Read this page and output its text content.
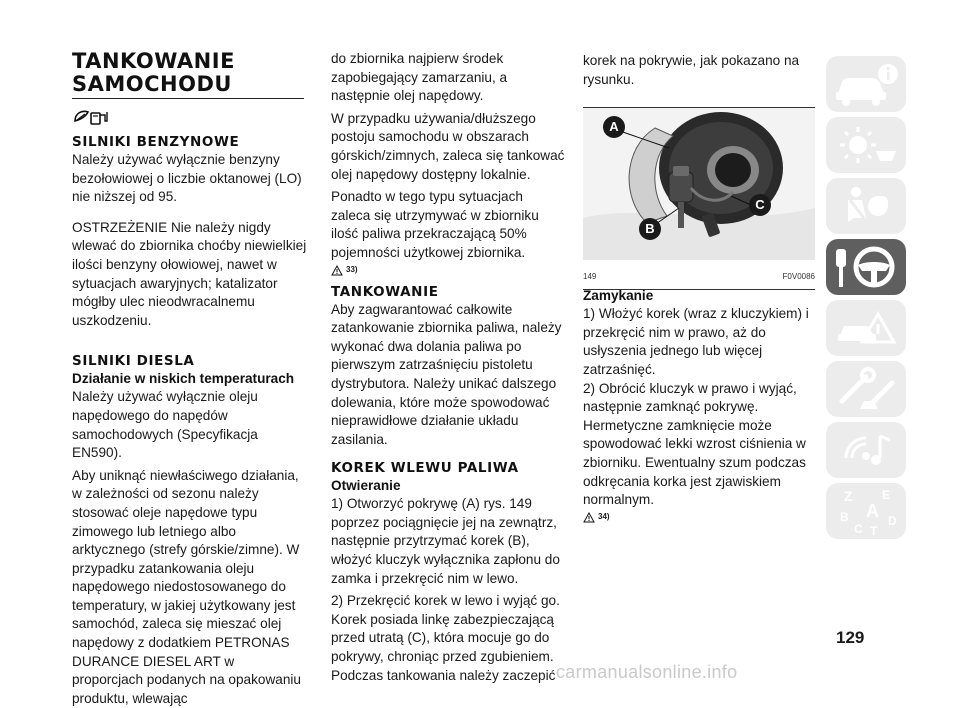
TANKOWANIE
SAMOCHODU
SILNIKI BENZYNOWE

Należy używać wyłącznie benzyny bezołowiowej o liczbie oktanowej (LO) nie niższej od 95.

OSTRZEŻENIE Nie należy nigdy wlewać do zbiornika choćby niewielkiej ilości benzyny ołowiowej, nawet w sytuacjach awaryjnych; katalizator mógłby ulec nieodwracalnemu uszkodzeniu.

SILNIKI DIESLA
Działanie w niskich temperaturach

Należy używać wyłącznie oleju napędowego do napędów samochodowych (Specyfikacja EN590).

Aby uniknąć niewłaściwego działania, w zależności od sezonu należy stosować oleje napędowe typu zimowego lub letniego albo arktycznego (strefy górskie/zimne). W przypadku zatankowania oleju napędowego niedostosowanego do temperatury, w jakiej użytkowany jest samochód, zaleca się mieszać olej napędowy z dodatkiem PETRONAS DURANCE DIESEL ART w proporcjach podanych na opakowaniu produktu, wlewając

do zbiornika najpierw środek zapobiegający zamarzaniu, a następnie olej napędowy.

W przypadku używania/dłuższego postoju samochodu w obszarach górskich/zimnych, zaleca się tankować olej napędowy dostępny lokalnie.

Ponadto w tego typu sytuacjach zaleca się utrzymywać w zbiorniku ilość paliwa przekraczającą 50% pojemności użytkowej zbiornika.

33)
TANKOWANIE

Aby zagwarantować całkowite zatankowanie zbiornika paliwa, należy wykonać dwa dolania paliwa po pierwszym zatrzaśnięciu pistoletu dystrybutora. Należy unikać dalszego dolewania, które może spowodować nieprawidłowe działanie układu zasilania.

KOREK WLEWU PALIWA
Otwieranie

1) Otworzyć pokrywę (A) rys. 149 poprzez pociągnięcie jej na zewnątrz, następnie przytrzymać korek (B), włożyć kluczyk wyłącznika zapłonu do zamka i przekręcić nim w lewo.

2) Przekręcić korek w lewo i wyjąć go. Korek posiada linkę zabezpieczającą przed utratą (C), która mocuje go do pokrywy, chroniąc przed zgubieniem. Podczas tankowania należy zaczepić

korek na pokrywie, jak pokazano na rysunku.

A
B
C
149	F0V0086
Zamykanie

1) Włożyć korek (wraz z kluczykiem) i przekręcić nim w prawo, aż do usłyszenia jednego lub więcej zatrzaśnięć.

2) Obrócić kluczyk w prawo i wyjąć, następnie zamknąć pokrywę. Hermetyczne zamknięcie może spowodować lekki wzrost ciśnienia w zbiorniku. Ewentualny szum podczas odkręcania korka jest zjawiskiem normalnym.

34)
Z E
B A
C T
D
129
carmanualsonline.info
